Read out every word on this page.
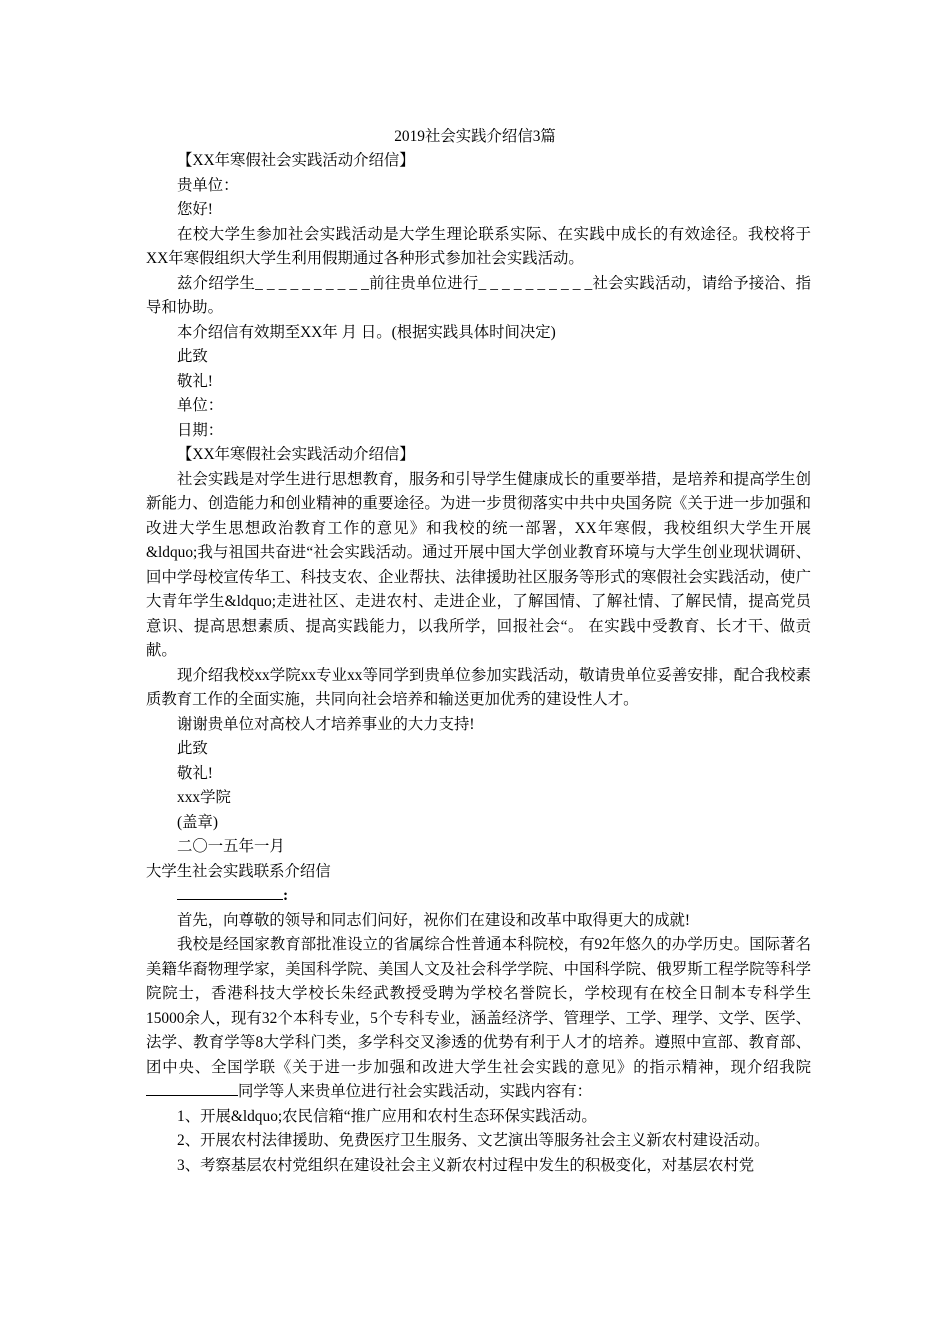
2019社会实践介绍信3篇

【XX年寒假社会实践活动介绍信】

贵单位：

您好!

在校大学生参加社会实践活动是大学生理论联系实际、在实践中成长的有效途径。我校将于XX年寒假组织大学生利用假期通过各种形式参加社会实践活动。

兹介绍学生_ _ _ _ _ _ _ _ _ _前往贵单位进行_ _ _ _ _ _ _ _ _ _社会实践活动，请给予接洽、指导和协助。

本介绍信有效期至XX年 月 日。(根据实践具体时间决定)

此致

敬礼!

单位：

日期：

【XX年寒假社会实践活动介绍信】

社会实践是对学生进行思想教育，服务和引导学生健康成长的重要举措，是培养和提高学生创新能力、创造能力和创业精神的重要途径。为进一步贯彻落实中共中央国务院《关于进一步加强和改进大学生思想政治教育工作的意见》和我校的统一部署，XX年寒假，我校组织大学生开展&ldquo;我与祖国共奋进“社会实践活动。通过开展中国大学创业教育环境与大学生创业现状调研、回中学母校宣传华工、科技支农、企业帮扶、法律援助社区服务等形式的寒假社会实践活动，使广大青年学生&ldquo;走进社区、走进农村、走进企业，了解国情、了解社情、了解民情，提高党员意识、提高思想素质、提高实践能力，以我所学，回报社会“。 在实践中受教育、长才干、做贡献。

现介绍我校xx学院xx专业xx等同学到贵单位参加实践活动，敬请贵单位妥善安排，配合我校素质教育工作的全面实施，共同向社会培养和输送更加优秀的建设性人才。

谢谢贵单位对高校人才培养事业的大力支持!

此致

敬礼!

xxx学院

(盖章)

二〇一五年一月

大学生社会实践联系介绍信

:

首先，向尊敬的领导和同志们问好，祝你们在建设和改革中取得更大的成就!

我校是经国家教育部批准设立的省属综合性普通本科院校，有92年悠久的办学历史。国际著名美籍华裔物理学家，美国科学院、美国人文及社会科学学院、中国科学院、俄罗斯工程学院等科学院院士，香港科技大学校长朱经武教授受聘为学校名誉院长，学校现有在校全日制本专科学生15000余人，现有32个本科专业，5个专科专业，涵盖经济学、管理学、工学、理学、文学、医学、法学、教育学等8大学科门类，多学科交叉渗透的优势有利于人才的培养。遵照中宣部、教育部、团中央、全国学联《关于进一步加强和改进大学生社会实践的意见》的指示精神，现介绍我院同学等人来贵单位进行社会实践活动，实践内容有：

1、开展&ldquo;农民信箱“推广应用和农村生态环保实践活动。

2、开展农村法律援助、免费医疗卫生服务、文艺演出等服务社会主义新农村建设活动。

3、考察基层农村党组织在建设社会主义新农村过程中发生的积极变化，对基层农村党
